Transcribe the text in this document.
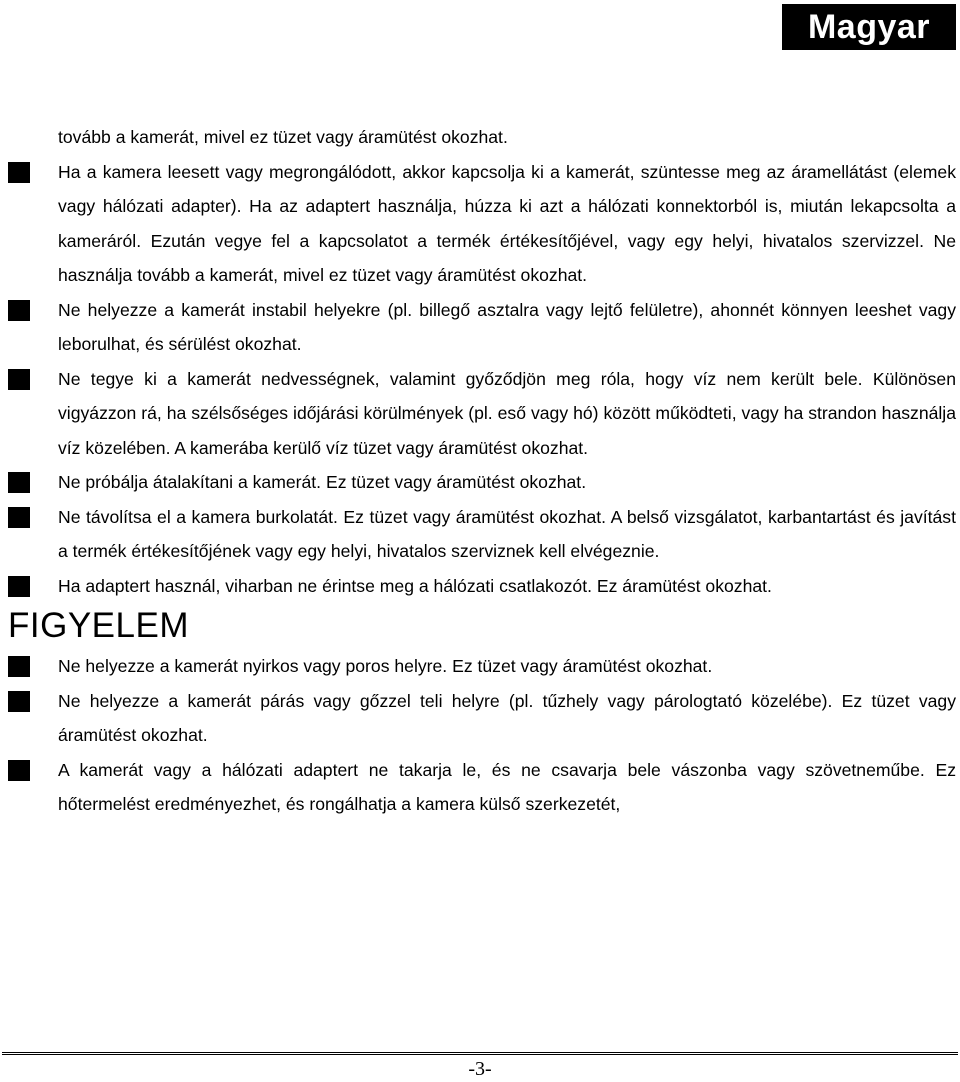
Magyar

tovább a kamerát, mivel ez tüzet vagy áramütést okozhat.

Ha a kamera leesett vagy megrongálódott, akkor kapcsolja ki a kamerát, szüntesse meg az áramellátást (elemek vagy hálózati adapter). Ha az adaptert használja, húzza ki azt a hálózati konnektorból is, miután lekapcsolta a kameráról. Ezután vegye fel a kapcsolatot a termék értékesítőjével, vagy egy helyi, hivatalos szervizzel. Ne használja tovább a kamerát, mivel ez tüzet vagy áramütést okozhat.

Ne helyezze a kamerát instabil helyekre (pl. billegő asztalra vagy lejtő felületre), ahonnét könnyen leeshet vagy leborulhat, és sérülést okozhat.

Ne tegye ki a kamerát nedvességnek, valamint győződjön meg róla, hogy víz nem került bele. Különösen vigyázzon rá, ha szélsőséges időjárási körülmények (pl. eső vagy hó) között működteti, vagy ha strandon használja víz közelében. A kamerába kerülő víz tüzet vagy áramütést okozhat.

Ne próbálja átalakítani a kamerát. Ez tüzet vagy áramütést okozhat.

Ne távolítsa el a kamera burkolatát. Ez tüzet vagy áramütést okozhat. A belső vizsgálatot, karbantartást és javítást a termék értékesítőjének vagy egy helyi, hivatalos szerviznek kell elvégeznie.

Ha adaptert használ, viharban ne érintse meg a hálózati csatlakozót. Ez áramütést okozhat.

FIGYELEM

Ne helyezze a kamerát nyirkos vagy poros helyre. Ez tüzet vagy áramütést okozhat.

Ne helyezze a kamerát párás vagy gőzzel teli helyre (pl. tűzhely vagy párologtató közelébe). Ez tüzet vagy áramütést okozhat.

A kamerát vagy a hálózati adaptert ne takarja le, és ne csavarja bele vászonba vagy szövetneműbe. Ez hőtermelést eredményezhet, és rongálhatja a kamera külső szerkezetét,

-3-
